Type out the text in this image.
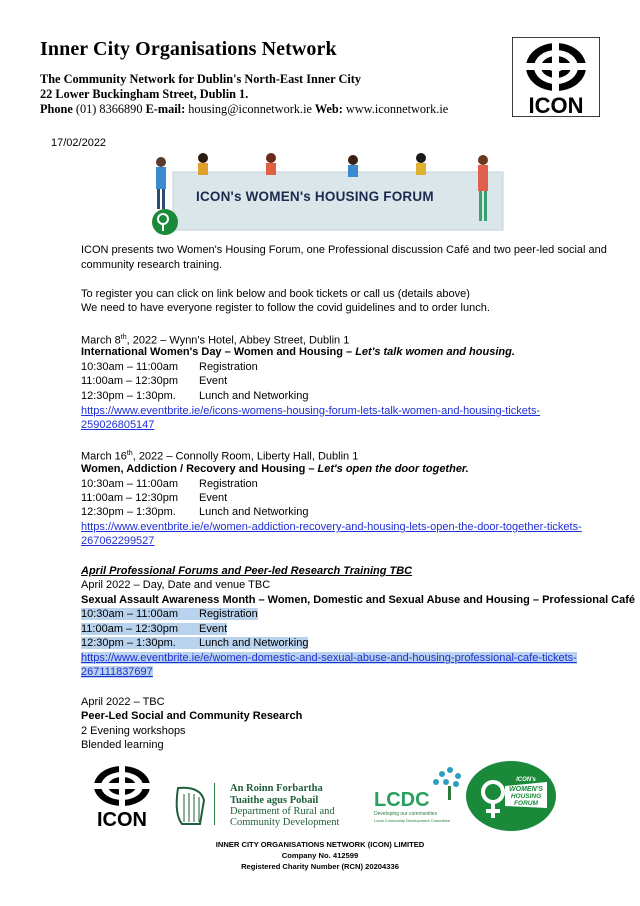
Inner City Organisations Network
The Community Network for Dublin's North-East Inner City
22 Lower Buckingham Street, Dublin 1.
Phone (01) 8366890 E-mail: housing@iconnetwork.ie Web: www.iconnetwork.ie	ICON
17/02/2022
ICON's WOMEN's HOUSING FORUM
ICON presents two Women's Housing Forum, one Professional discussion Café and two peer-led social and
community research training.
To register you can click on link below and book tickets or call us (details above)
We need to have everyone register to follow the covid guidelines and to order lunch.
March 8th, 2022 – Wynn's Hotel, Abbey Street, Dublin 1
International Women's Day – Women and Housing – Let's talk women and housing.
10:30am – 11:00am Registration
11:00am – 12:30pm Event
12:30pm – 1:30pm. Lunch and Networking
https://www.eventbrite.ie/e/icons-womens-housing-forum-lets-talk-women-and-housing-tickets-
259026805147
March 16th, 2022 – Connolly Room, Liberty Hall, Dublin 1
Women, Addiction / Recovery and Housing – Let's open the door together.
10:30am – 11:00am Registration
11:00am – 12:30pm Event
12:30pm – 1:30pm. Lunch and Networking
https://www.eventbrite.ie/e/women-addiction-recovery-and-housing-lets-open-the-door-together-tickets-
267062299527
April Professional Forums and Peer-led Research Training TBC
April 2022 – Day, Date and venue TBC
Sexual Assault Awareness Month – Women, Domestic and Sexual Abuse and Housing – Professional Café
10:30am – 11:00am Registration
11:00am – 12:30pm Event
12:30pm – 1:30pm. Lunch and Networking
https://www.eventbrite.ie/e/women-domestic-and-sexual-abuse-and-housing-professional-cafe-tickets-
267111837697
April 2022 – TBC
Peer-Led Social and Community Research
2 Evening workshops
Blended learning
ICON
An Roinn Forbartha
Tuaithe agus Pobail
Department of Rural and
Community Development
LCDC
Developing our communities
Local Community Development Committee
ICON's
WOMEN'S
HOUSING
FORUM
INNER CITY ORGANISATIONS NETWORK (ICON) LIMITED
Company No. 412599
Registered Charity Number (RCN) 20204336
